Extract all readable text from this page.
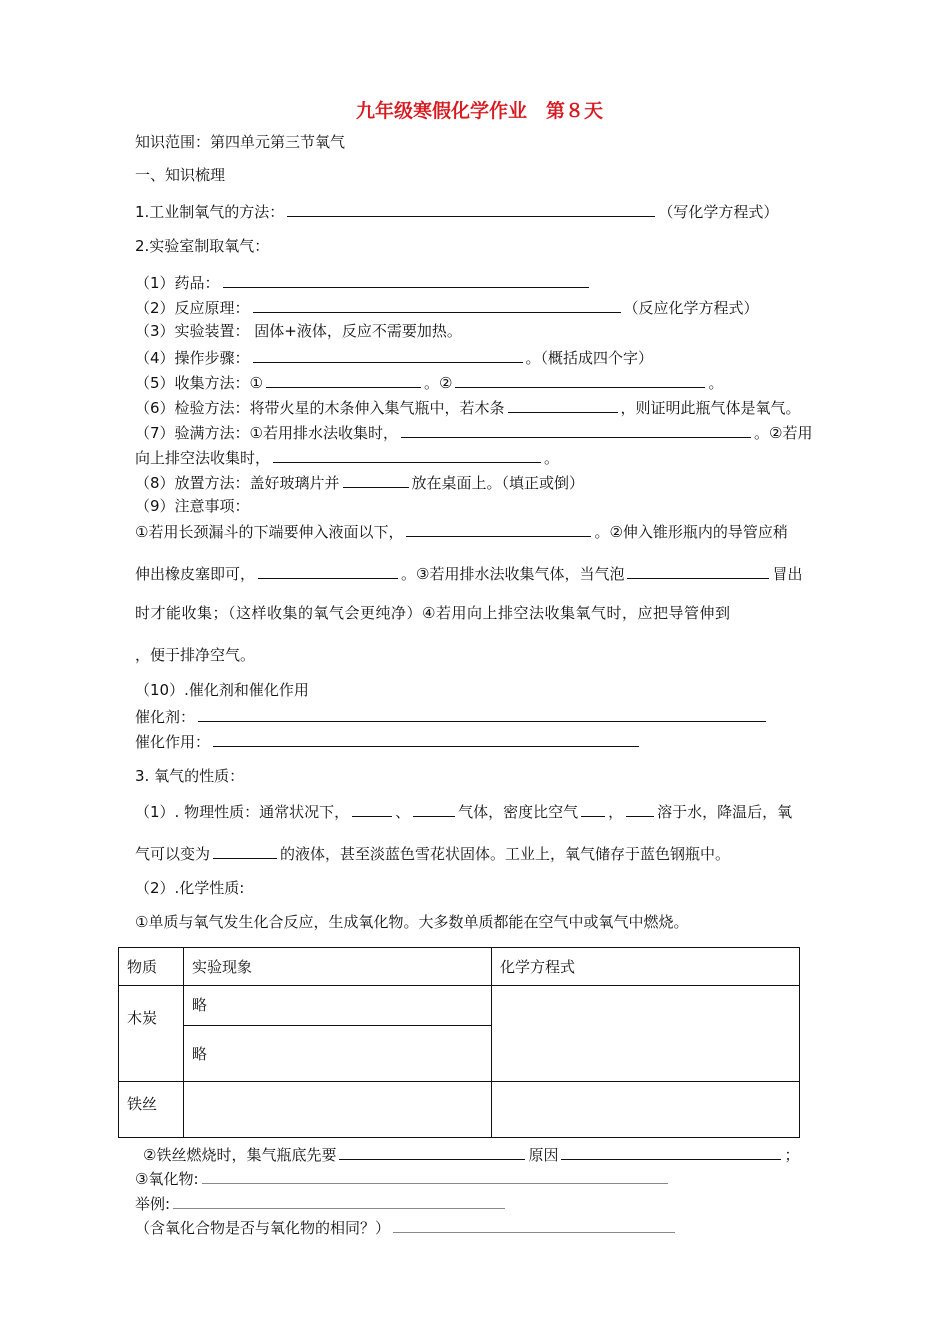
九年级寒假化学作业　第８天
知识范围：第四单元第三节氧气
一、知识梳理
1.工业制氧气的方法：	（写化学方程式）
2.实验室制取氧气：
（1）药品：
（2）反应原理：	（反应化学方程式）
（3）实验装置： 固体+液体，反应不需要加热。
（4）操作步骤：	。（概括成四个字）
（5）收集方法：①	。②	。
（6）检验方法：将带火星的木条伸入集气瓶中，若木条	，则证明此瓶气体是氧气。
（7）验满方法：①若用排水法收集时，	。②若用
向上排空法收集时，	。
（8）放置方法：盖好玻璃片并	放在桌面上。（填正或倒）
（9）注意事项：
①若用长颈漏斗的下端要伸入液面以下，	。②伸入锥形瓶内的导管应稍
伸出橡皮塞即可，	。③若用排水法收集气体，当气泡	冒出
时才能收集；（这样收集的氧气会更纯净）④若用向上排空法收集氧气时，应把导管伸到
，便于排净空气。
（10）.催化剂和催化作用
催化剂：
催化作用：
3. 氧气的性质：
（1）. 物理性质：通常状况下，	、	气体，密度比空气 ， 溶于水，降温后，氧
气可以变为	的液体，甚至淡蓝色雪花状固体。工业上，氧气储存于蓝色钢瓶中。
（2）.化学性质:
①单质与氧气发生化合反应，生成氧化物。大多数单质都能在空气中或氧气中燃烧。
物质	实验现象	化学方程式
木炭	略	
	略	
铁丝		
②铁丝燃烧时，集气瓶底先要	原因	；
③氧化物:
举例:
（含氧化合物是否与氧化物的相同？）
